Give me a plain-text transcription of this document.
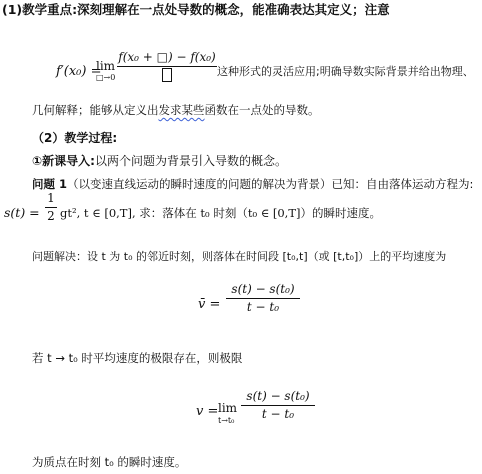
(1)教学重点:深刻理解在一点处导数的概念，能准确表达其定义；注意
f′(x₀) =
lim
□→0
f(x₀ + □) − f(x₀)
这种形式的灵活应用;明确导数实际背景并给出物理、
几何解释；能够从定义出发求某些函数在一点处的导数。
（2）教学过程:
①新课导入:以两个问题为背景引入导数的概念。
问题 1（以变速直线运动的瞬时速度的问题的解决为背景）已知：自由落体运动方程为:
s(t) =
1
2 gt², t ∈ [0,T], 求：落体在 t₀ 时刻（t₀ ∈ [0,T]）的瞬时速度。
问题解决：设 t 为 t₀ 的邻近时刻，则落体在时间段 [t₀,t]（或 [t,t₀]）上的平均速度为
v̄ =
s(t) − s(t₀)
t − t₀
若 t → t₀ 时平均速度的极限存在，则极限
v = lim
t→t₀
s(t) − s(t₀)
t − t₀
为质点在时刻 t₀ 的瞬时速度。
